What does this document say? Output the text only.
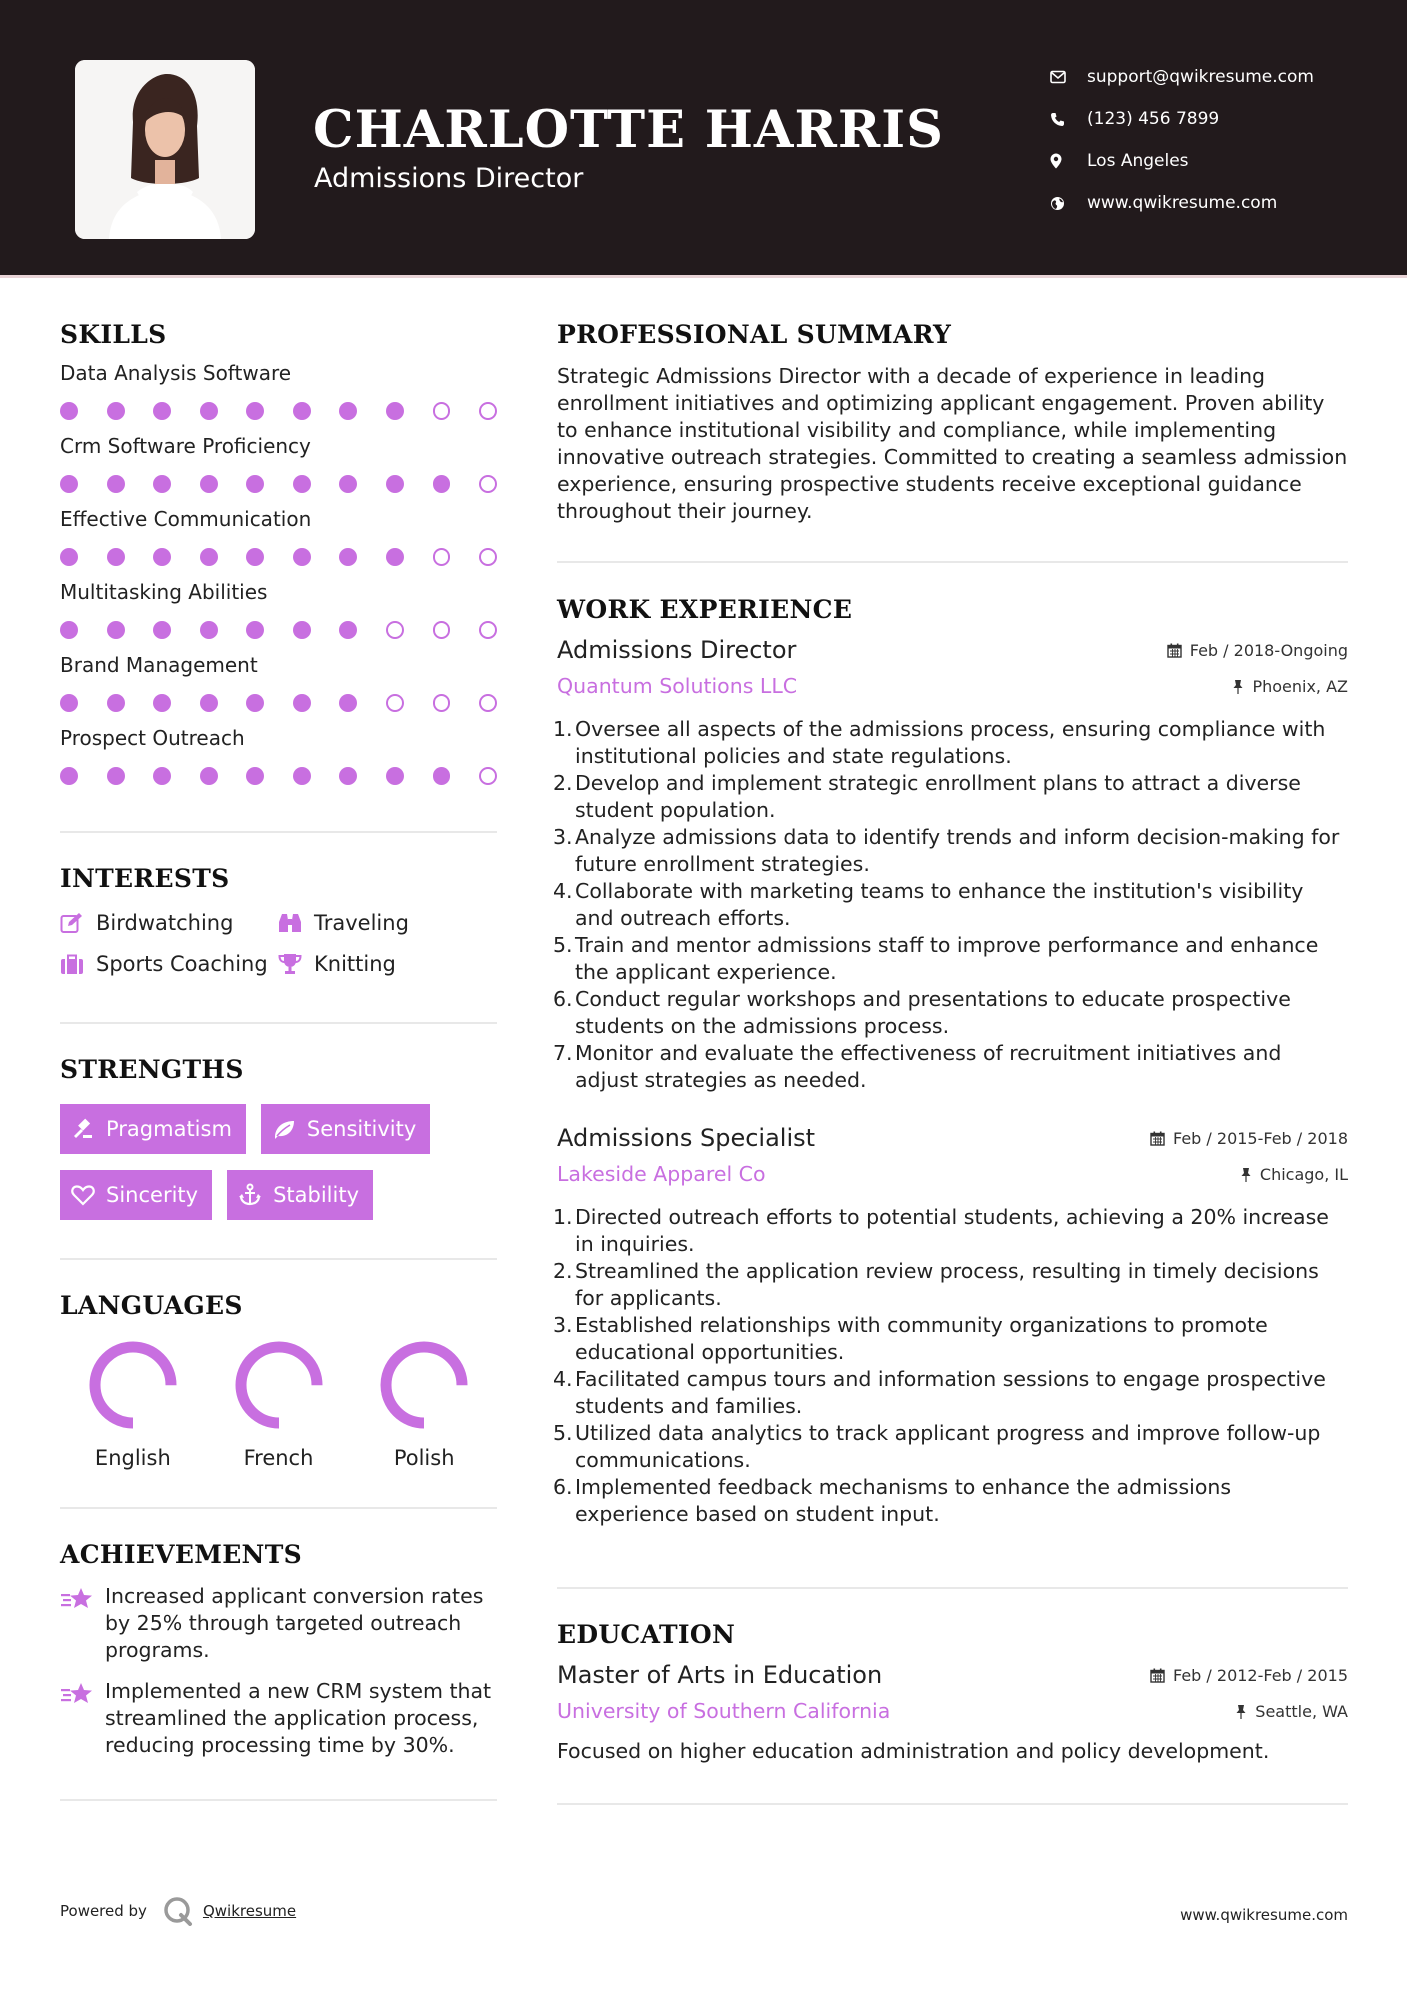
CHARLOTTE HARRIS
Admissions Director
support@qwikresume.com
(123) 456 7899
Los Angeles
www.qwikresume.com
SKILLS
Data Analysis Software
Crm Software Proficiency
Effective Communication
Multitasking Abilities
Brand Management
Prospect Outreach
INTERESTS
Birdwatching	Traveling
Sports Coaching Knitting
STRENGTHS
Pragmatism	Sensitivity
Sincerity	Stability
LANGUAGES
English	French	Polish
ACHIEVEMENTS
Increased applicant conversion rates by 25% through targeted outreach programs.
Implemented a new CRM system that streamlined the application process, reducing processing time by 30%.
PROFESSIONAL SUMMARY

Strategic Admissions Director with a decade of experience in leading enrollment initiatives and optimizing applicant engagement. Proven ability to enhance institutional visibility and compliance, while implementing innovative outreach strategies. Committed to creating a seamless admission experience, ensuring prospective students receive exceptional guidance throughout their journey.

WORK EXPERIENCE
Admissions Director	Feb / 2018-Ongoing
Quantum Solutions LLC	Phoenix, AZ
Oversee all aspects of the admissions process, ensuring compliance with institutional policies and state regulations.
Develop and implement strategic enrollment plans to attract a diverse student population.
Analyze admissions data to identify trends and inform decision-making for future enrollment strategies.
Collaborate with marketing teams to enhance the institution's visibility and outreach efforts.
Train and mentor admissions staff to improve performance and enhance the applicant experience.
Conduct regular workshops and presentations to educate prospective students on the admissions process.
Monitor and evaluate the effectiveness of recruitment initiatives and adjust strategies as needed.
Admissions Specialist	Feb / 2015-Feb / 2018
Lakeside Apparel Co	Chicago, IL
Directed outreach efforts to potential students, achieving a 20% increase in inquiries.
Streamlined the application review process, resulting in timely decisions for applicants.
Established relationships with community organizations to promote educational opportunities.
Facilitated campus tours and information sessions to engage prospective students and families.
Utilized data analytics to track applicant progress and improve follow-up communications.
Implemented feedback mechanisms to enhance the admissions experience based on student input.
EDUCATION
Master of Arts in Education	Feb / 2012-Feb / 2015
University of Southern California	Seattle, WA
Focused on higher education administration and policy development.
Powered by	Qwikresume	www.qwikresume.com
